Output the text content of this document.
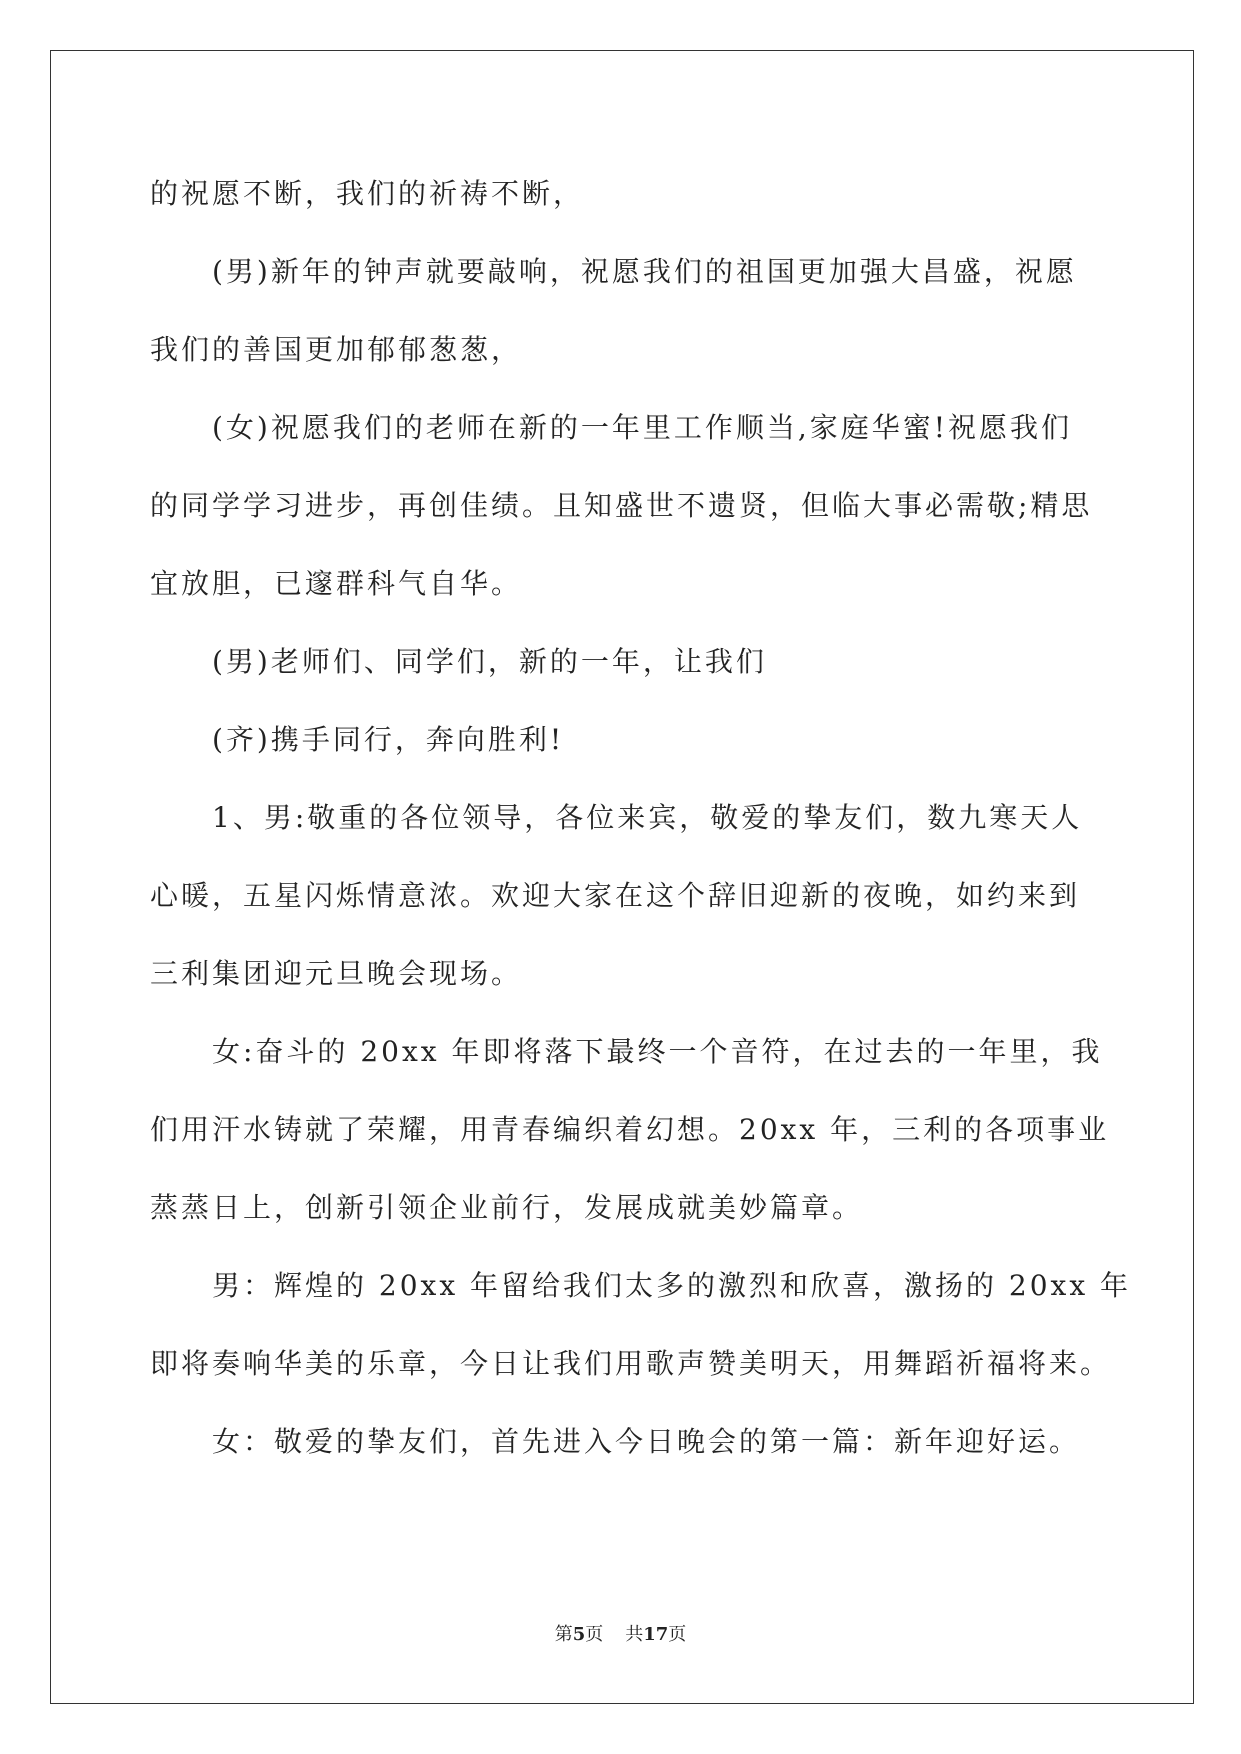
的祝愿不断，我们的祈祷不断，

(男)新年的钟声就要敲响，祝愿我们的祖国更加强大昌盛，祝愿

我们的善国更加郁郁葱葱，

(女)祝愿我们的老师在新的一年里工作顺当,家庭华蜜!祝愿我们

的同学学习进步，再创佳绩。且知盛世不遗贤，但临大事必需敬;精思

宜放胆，已邃群科气自华。

(男)老师们、同学们，新的一年，让我们

(齐)携手同行，奔向胜利!

1、男:敬重的各位领导，各位来宾，敬爱的挚友们，数九寒天人

心暖，五星闪烁情意浓。欢迎大家在这个辞旧迎新的夜晚，如约来到

三利集团迎元旦晚会现场。

女:奋斗的 20xx 年即将落下最终一个音符，在过去的一年里，我

们用汗水铸就了荣耀，用青春编织着幻想。20xx 年，三利的各项事业

蒸蒸日上，创新引领企业前行，发展成就美妙篇章。

男：辉煌的 20xx 年留给我们太多的激烈和欣喜，激扬的 20xx 年

即将奏响华美的乐章，今日让我们用歌声赞美明天，用舞蹈祈福将来。

女：敬爱的挚友们，首先进入今日晚会的第一篇：新年迎好运。

第5页 共17页
